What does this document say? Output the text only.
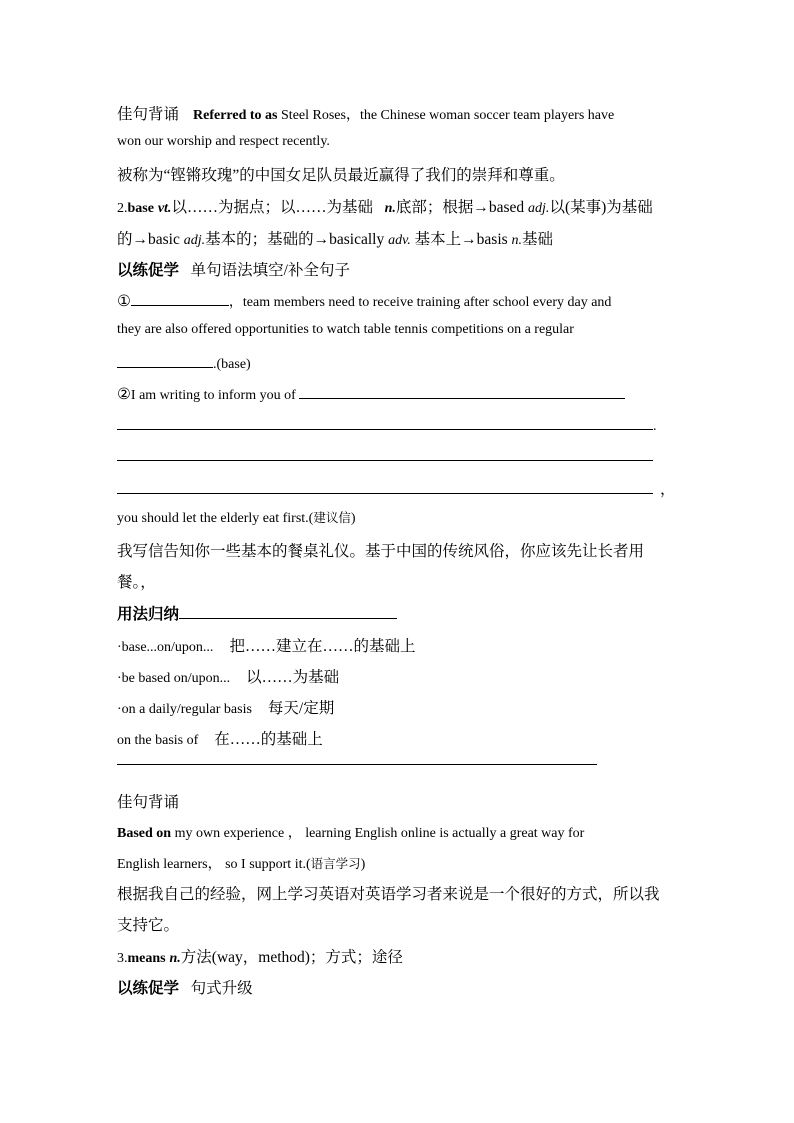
佳句背诵 Referred to as Steel Roses，the Chinese woman soccer team players have
won our worship and respect recently.
被称为“铿锵玫瑰”的中国女足队员最近赢得了我们的崇拜和尊重。
2.base vt.以……为据点；以……为基础 n.底部；根据→based adj.以(某事)为基础
的→basic adj.基本的；基础的→basically adv. 基本上→basis n.基础
以练促学 单句语法填空/补全句子
①	，team members need to receive training after school every day and
they are also offered opportunities to watch table tennis competitions on a regular
.(base)
②I am writing to inform you of
.
，
you should let the elderly eat first.(建议信)
我写信告知你一些基本的餐桌礼仪。基于中国的传统风俗，你应该先让长者用
餐。，
用法归纳
·base...on/upon... 把……建立在……的基础上
·be based on/upon... 以……为基础
·on a daily/regular basis 每天/定期
on the basis of 在……的基础上
佳句背诵
Based on my own experience ， learning English online is actually a great way for
English learners， so I support it.(语言学习)
根据我自己的经验，网上学习英语对英语学习者来说是一个很好的方式，所以我
支持它。
3.means n.方法(way，method)；方式；途径
以练促学 句式升级
